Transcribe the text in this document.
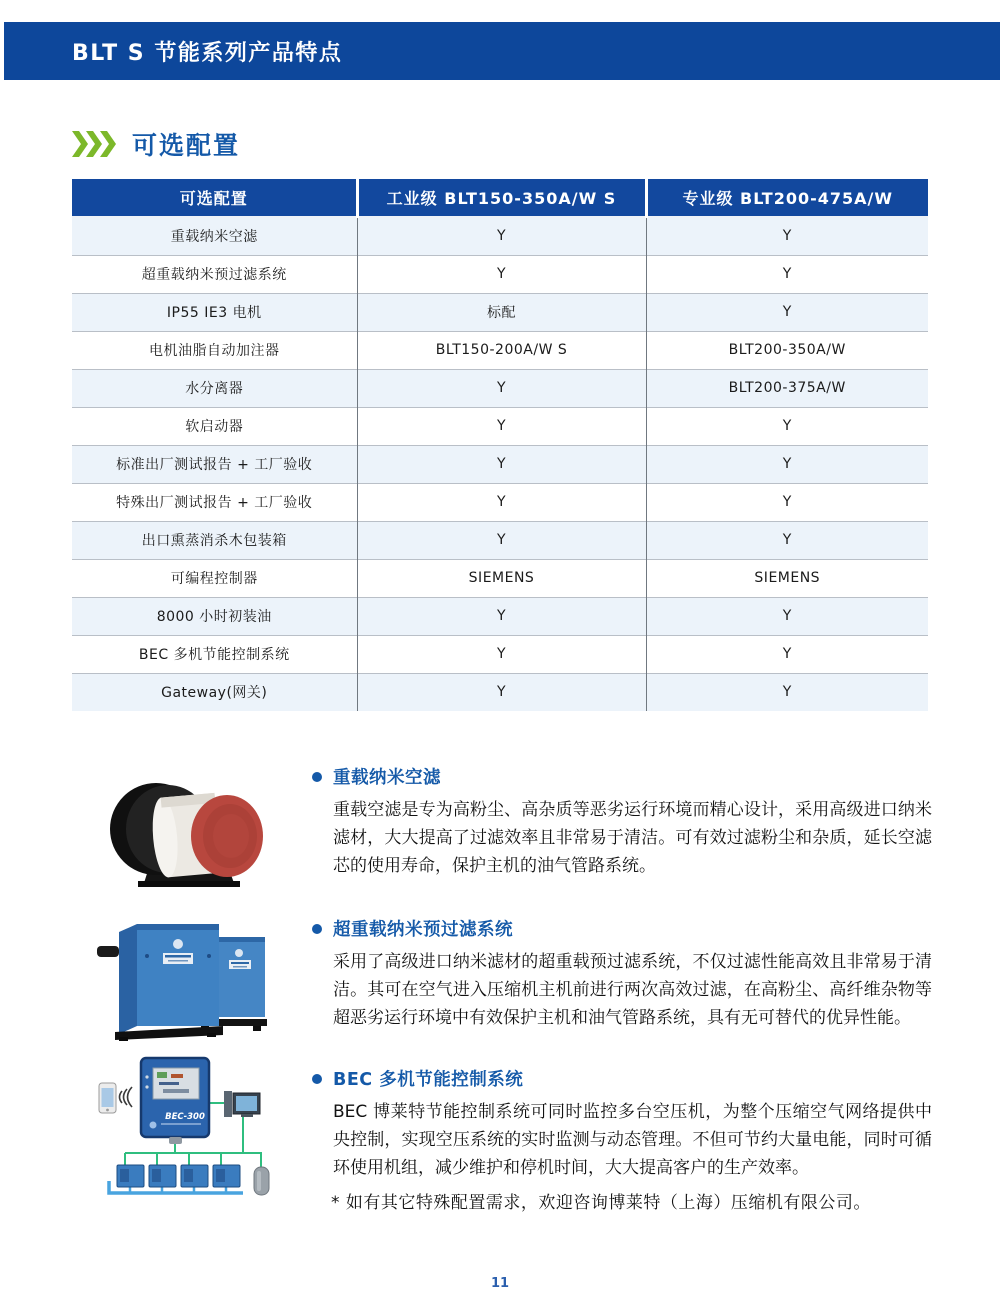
BLT S 节能系列产品特点
可选配置
可选配置	工业级 BLT150-350A/W S	专业级 BLT200-475A/W
重载纳米空滤	Y	Y
超重载纳米预过滤系统	Y	Y
IP55 IE3 电机	标配	Y
电机油脂自动加注器	BLT150-200A/W S	BLT200-350A/W
水分离器	Y	BLT200-375A/W
软启动器	Y	Y
标准出厂测试报告 + 工厂验收	Y	Y
特殊出厂测试报告 + 工厂验收	Y	Y
出口熏蒸消杀木包装箱	Y	Y
可编程控制器	SIEMENS	SIEMENS
8000 小时初装油	Y	Y
BEC 多机节能控制系统	Y	Y
Gateway(网关)	Y	Y
重载纳米空滤

重载空滤是专为高粉尘、高杂质等恶劣运行环境而精心设计，采用高级进口纳米滤材，大大提高了过滤效率且非常易于清洁。可有效过滤粉尘和杂质，延长空滤芯的使用寿命，保护主机的油气管路系统。

超重载纳米预过滤系统

采用了高级进口纳米滤材的超重载预过滤系统，不仅过滤性能高效且非常易于清洁。其可在空气进入压缩机主机前进行两次高效过滤，在高粉尘、高纤维杂物等超恶劣运行环境中有效保护主机和油气管路系统，具有无可替代的优异性能。

BEC-300
BEC 多机节能控制系统

BEC 博莱特节能控制系统可同时监控多台空压机，为整个压缩空气网络提供中央控制，实现空压系统的实时监测与动态管理。不但可节约大量电能，同时可循环使用机组，减少维护和停机时间，大大提高客户的生产效率。

* 如有其它特殊配置需求，欢迎咨询博莱特（上海）压缩机有限公司。

11
